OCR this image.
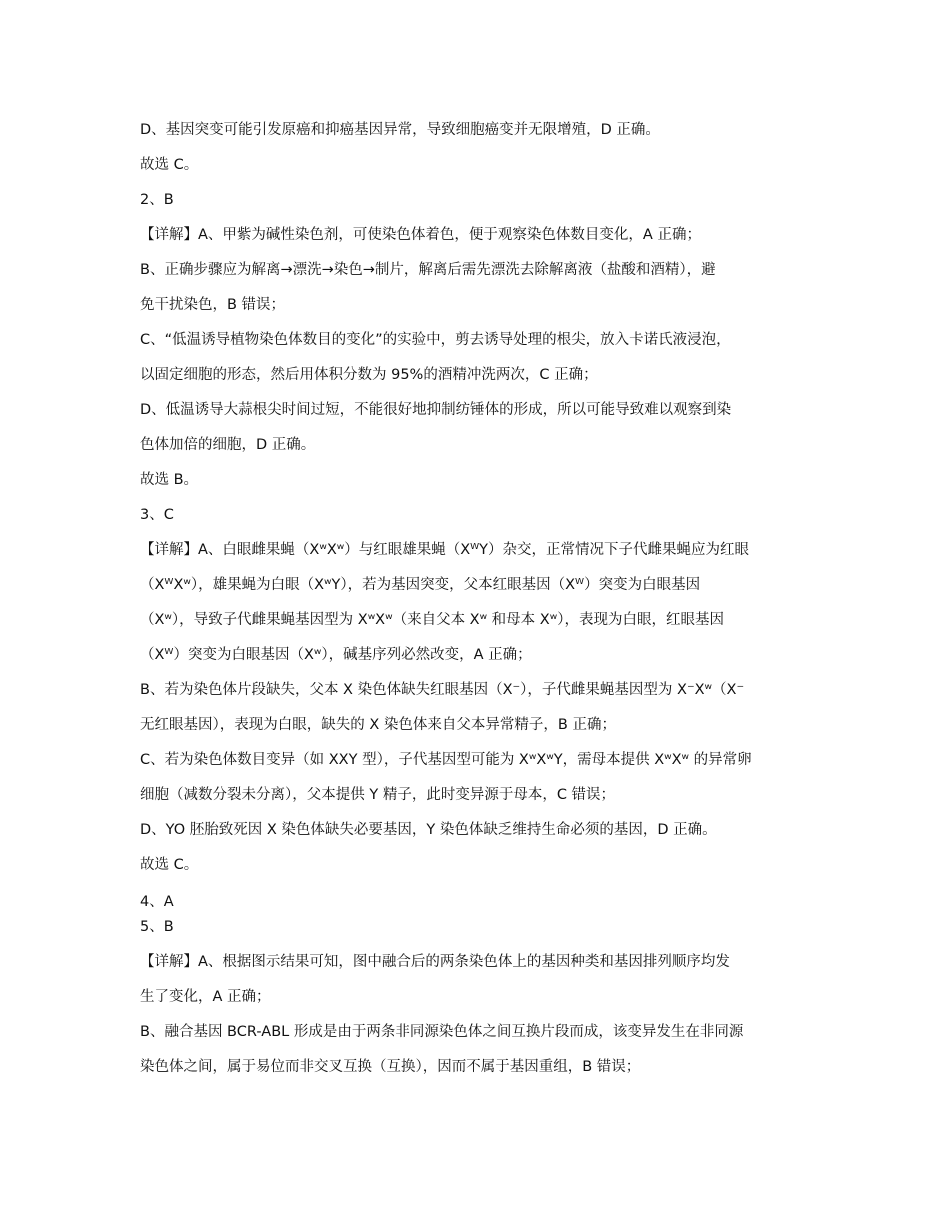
D、基因突变可能引发原癌和抑癌基因异常，导致细胞癌变并无限增殖，D 正确。
故选 C。
2、B
【详解】A、甲紫为碱性染色剂，可使染色体着色，便于观察染色体数目变化，A 正确；
B、正确步骤应为解离→漂洗→染色→制片，解离后需先漂洗去除解离液（盐酸和酒精），避
免干扰染色，B 错误；
C、“低温诱导植物染色体数目的变化”的实验中，剪去诱导处理的根尖，放入卡诺氏液浸泡，
以固定细胞的形态，然后用体积分数为 95%的酒精冲洗两次，C 正确；
D、低温诱导大蒜根尖时间过短，不能很好地抑制纺锤体的形成，所以可能导致难以观察到染
色体加倍的细胞，D 正确。
故选 B。
3、C
【详解】A、白眼雌果蝇（XʷXʷ）与红眼雄果蝇（XᵂY）杂交，正常情况下子代雌果蝇应为红眼
（XᵂXʷ），雄果蝇为白眼（XʷY），若为基因突变，父本红眼基因（Xᵂ）突变为白眼基因
（Xʷ），导致子代雌果蝇基因型为 XʷXʷ（来自父本 Xʷ 和母本 Xʷ），表现为白眼，红眼基因
（Xᵂ）突变为白眼基因（Xʷ），碱基序列必然改变，A 正确；
B、若为染色体片段缺失，父本 X 染色体缺失红眼基因（X⁻），子代雌果蝇基因型为 X⁻Xʷ（X⁻
无红眼基因），表现为白眼，缺失的 X 染色体来自父本异常精子，B 正确；
C、若为染色体数目变异（如 XXY 型），子代基因型可能为 XʷXʷY，需母本提供 XʷXʷ 的异常卵
细胞（减数分裂未分离），父本提供 Y 精子，此时变异源于母本，C 错误；
D、YO 胚胎致死因 X 染色体缺失必要基因，Y 染色体缺乏维持生命必须的基因，D 正确。
故选 C。
4、A
5、B
【详解】A、根据图示结果可知，图中融合后的两条染色体上的基因种类和基因排列顺序均发
生了变化，A 正确；
B、融合基因 BCR-ABL 形成是由于两条非同源染色体之间互换片段而成，该变异发生在非同源
染色体之间，属于易位而非交叉互换（互换），因而不属于基因重组，B 错误；
